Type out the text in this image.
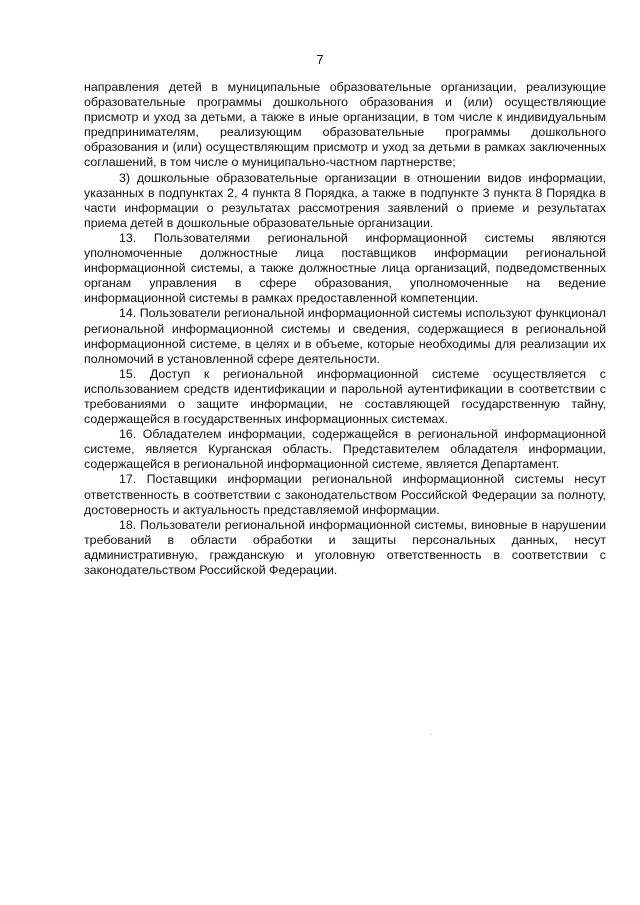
7

направления детей в муниципальные образовательные организации, реализующие образовательные программы дошкольного образования и (или) осуществляющие присмотр и уход за детьми, а также в иные организации, в том числе к индивидуальным предпринимателям, реализующим образовательные программы дошкольного образования и (или) осуществляющим присмотр и уход за детьми в рамках заключенных соглашений, в том числе о муниципально-частном партнерстве;

3) дошкольные образовательные организации в отношении видов информации, указанных в подпунктах 2, 4 пункта 8 Порядка, а также в подпункте 3 пункта 8 Порядка в части информации о результатах рассмотрения заявлений о приеме и результатах приема детей в дошкольные образовательные организации.

13. Пользователями региональной информационной системы являются уполномоченные должностные лица поставщиков информации региональной информационной системы, а также должностные лица организаций, подведомственных органам управления в сфере образования, уполномоченные на ведение информационной системы в рамках предоставленной компетенции.

14. Пользователи региональной информационной системы используют функционал региональной информационной системы и сведения, содержащиеся в региональной информационной системе, в целях и в объеме, которые необходимы для реализации их полномочий в установленной сфере деятельности.

15. Доступ к региональной информационной системе осуществляется с использованием средств идентификации и парольной аутентификации в соответствии с требованиями о защите информации, не составляющей государственную тайну, содержащейся в государственных информационных системах.

16. Обладателем информации, содержащейся в региональной информационной системе, является Курганская область. Представителем обладателя информации, содержащейся в региональной информационной системе, является Департамент.

17. Поставщики информации региональной информационной системы несут ответственность в соответствии с законодательством Российской Федерации за полноту, достоверность и актуальность представляемой информации.

18. Пользователи региональной информационной системы, виновные в нарушении требований в области обработки и защиты персональных данных, несут административную, гражданскую и уголовную ответственность в соответствии с законодательством Российской Федерации.
